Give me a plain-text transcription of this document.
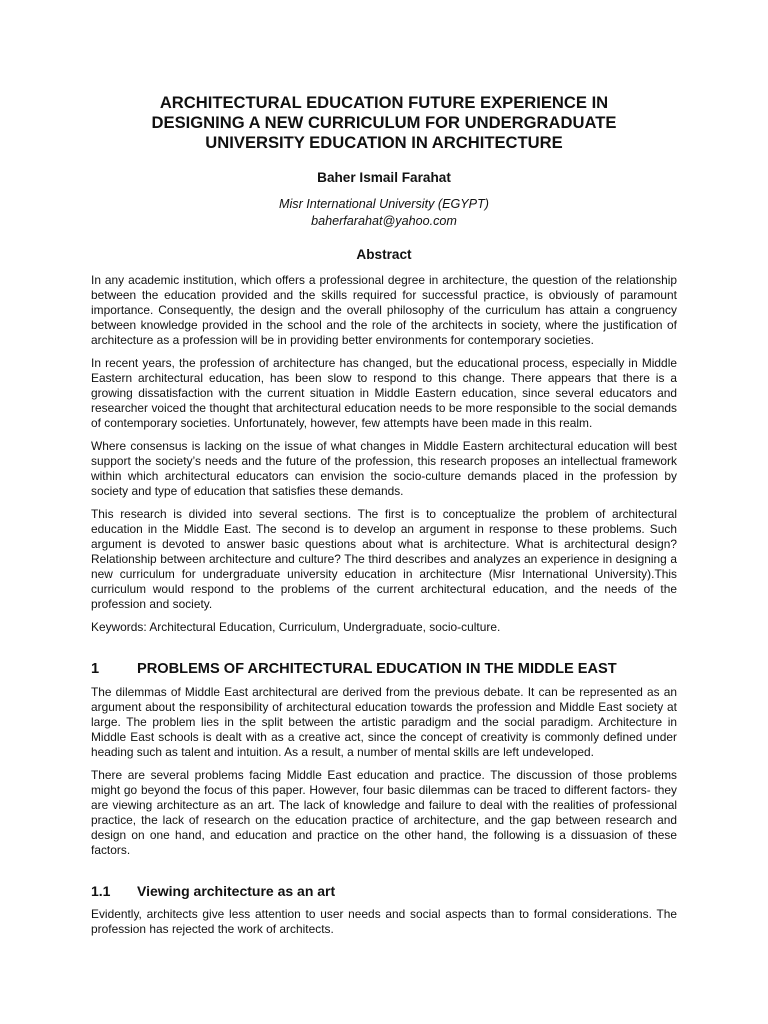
ARCHITECTURAL EDUCATION FUTURE EXPERIENCE IN
DESIGNING A NEW CURRICULUM FOR UNDERGRADUATE
UNIVERSITY EDUCATION IN ARCHITECTURE
Baher Ismail Farahat
Misr International University (EGYPT)
baherfarahat@yahoo.com
Abstract

In any academic institution, which offers a professional degree in architecture, the question of the relationship between the education provided and the skills required for successful practice, is obviously of paramount importance. Consequently, the design and the overall philosophy of the curriculum has attain a congruency between knowledge provided in the school and the role of the architects in society, where the justification of architecture as a profession will be in providing better environments for contemporary societies.

In recent years, the profession of architecture has changed, but the educational process, especially in Middle Eastern architectural education, has been slow to respond to this change. There appears that there is a growing dissatisfaction with the current situation in Middle Eastern education, since several educators and researcher voiced the thought that architectural education needs to be more responsible to the social demands of contemporary societies. Unfortunately, however, few attempts have been made in this realm.

Where consensus is lacking on the issue of what changes in Middle Eastern architectural education will best support the society’s needs and the future of the profession, this research proposes an intellectual framework within which architectural educators can envision the socio-culture demands placed in the profession by society and type of education that satisfies these demands.

This research is divided into several sections. The first is to conceptualize the problem of architectural education in the Middle East. The second is to develop an argument in response to these problems. Such argument is devoted to answer basic questions about what is architecture. What is architectural design? Relationship between architecture and culture? The third describes and analyzes an experience in designing a new curriculum for undergraduate university education in architecture (Misr International University).This curriculum would respond to the problems of the current architectural education, and the needs of the profession and society.

Keywords: Architectural Education, Curriculum, Undergraduate, socio-culture.

1	PROBLEMS OF ARCHITECTURAL EDUCATION IN THE MIDDLE EAST

The dilemmas of Middle East architectural are derived from the previous debate. It can be represented as an argument about the responsibility of architectural education towards the profession and Middle East society at large. The problem lies in the split between the artistic paradigm and the social paradigm. Architecture in Middle East schools is dealt with as a creative act, since the concept of creativity is commonly defined under heading such as talent and intuition. As a result, a number of mental skills are left undeveloped.

There are several problems facing Middle East education and practice. The discussion of those problems might go beyond the focus of this paper. However, four basic dilemmas can be traced to different factors- they are viewing architecture as an art. The lack of knowledge and failure to deal with the realities of professional practice, the lack of research on the education practice of architecture, and the gap between research and design on one hand, and education and practice on the other hand, the following is a dissuasion of these factors.

1.1	Viewing architecture as an art

Evidently, architects give less attention to user needs and social aspects than to formal considerations. The profession has rejected the work of architects.
